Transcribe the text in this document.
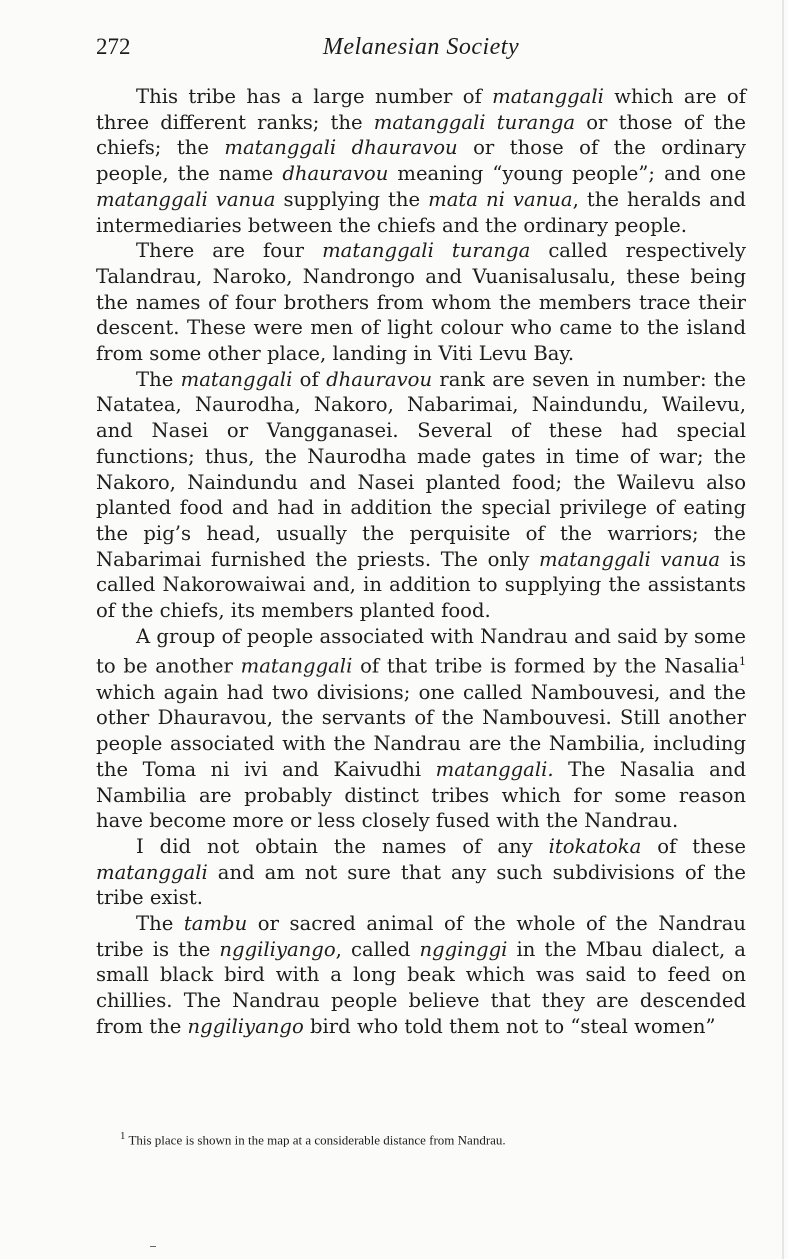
272	Melanesian Society

This tribe has a large number of matanggali which are of three different ranks; the matanggali turanga or those of the chiefs; the matanggali dhauravou or those of the ordinary people, the name dhauravou meaning “young people”; and one matanggali vanua supplying the mata ni vanua, the heralds and intermediaries between the chiefs and the ordinary people.

There are four matanggali turanga called respectively Talandrau, Naroko, Nandrongo and Vuanisalusalu, these being the names of four brothers from whom the members trace their descent. These were men of light colour who came to the island from some other place, landing in Viti Levu Bay.

The matanggali of dhauravou rank are seven in number: the Natatea, Naurodha, Nakoro, Nabarimai, Naindundu, Wailevu, and Nasei or Vangganasei. Several of these had special functions; thus, the Naurodha made gates in time of war; the Nakoro, Naindundu and Nasei planted food; the Wailevu also planted food and had in addition the special privilege of eating the pig’s head, usually the perquisite of the warriors; the Nabarimai furnished the priests. The only matanggali vanua is called Nakorowaiwai and, in addition to supplying the assistants of the chiefs, its members planted food.

A group of people associated with Nandrau and said by some to be another matanggali of that tribe is formed by the Nasalia$^1$ which again had two divisions; one called Nambouvesi, and the other Dhauravou, the servants of the Nambouvesi. Still another people associated with the Nandrau are the Nambilia, including the Toma ni ivi and Kaivudhi matanggali. The Nasalia and Nambilia are probably distinct tribes which for some reason have become more or less closely fused with the Nandrau.

I did not obtain the names of any itokatoka of these matanggali and am not sure that any such subdivisions of the tribe exist.

The tambu or sacred animal of the whole of the Nandrau tribe is the nggiliyango, called ngginggi in the Mbau dialect, a small black bird with a long beak which was said to feed on chillies. The Nandrau people believe that they are descended from the nggiliyango bird who told them not to “steal women”

$^1$ This place is shown in the map at a considerable distance from Nandrau.
